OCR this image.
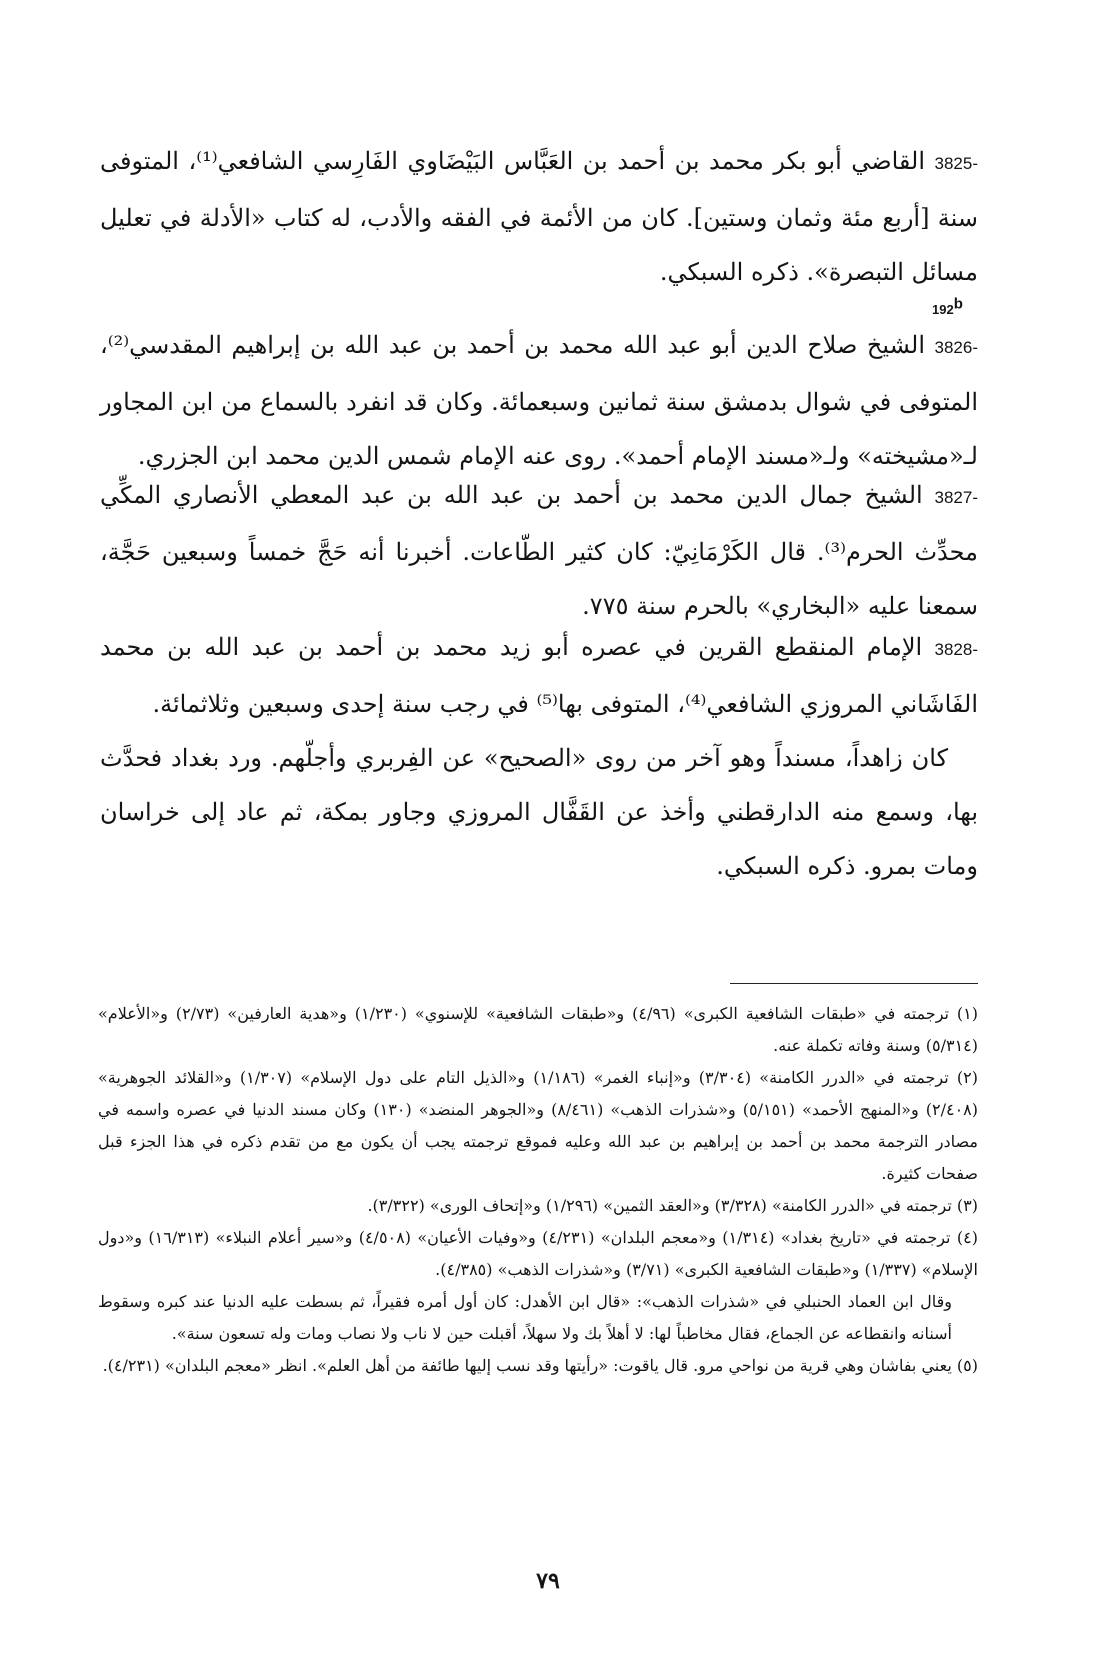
3825- القاضي أبو بكر محمد بن أحمد بن العَبَّاس البَيْضَاوي الفَارِسي الشافعي⁽¹⁾، المتوفى سنة [أربع مئة وثمان وستين]. كان من الأئمة في الفقه والأدب، له كتاب «الأدلة في تعليل مسائل التبصرة». ذكره السبكي.
192b
3826- الشيخ صلاح الدين أبو عبد الله محمد بن أحمد بن عبد الله بن إبراهيم المقدسي⁽²⁾، المتوفى في شوال بدمشق سنة ثمانين وسبعمائة. وكان قد انفرد بالسماع من ابن المجاور لـ«مشيخته» ولـ«مسند الإمام أحمد». روى عنه الإمام شمس الدين محمد ابن الجزري.
3827- الشيخ جمال الدين محمد بن أحمد بن عبد الله بن عبد المعطي الأنصاري المكِّي محدِّث الحرم⁽³⁾. قال الكَرْمَانِيّ: كان كثير الطّاعات. أخبرنا أنه حَجَّ خمساً وسبعين حَجَّة، سمعنا عليه «البخاري» بالحرم سنة ٧٧٥.
3828- الإمام المنقطع القرين في عصره أبو زيد محمد بن أحمد بن عبد الله بن محمد الفَاشَاني المروزي الشافعي⁽⁴⁾، المتوفى بها⁽⁵⁾ في رجب سنة إحدى وسبعين وثلاثمائة.
كان زاهداً، مسنداً وهو آخر من روى «الصحيح» عن الفِربري وأجلّهم. ورد بغداد فحدَّث بها، وسمع منه الدارقطني وأخذ عن القَفَّال المروزي وجاور بمكة، ثم عاد إلى خراسان ومات بمرو. ذكره السبكي.
(١) ترجمته في «طبقات الشافعية الكبرى» (٤/٩٦) و«طبقات الشافعية» للإسنوي» (١/٢٣٠) و«هدية العارفين» (٢/٧٣) و«الأعلام» (٥/٣١٤) وسنة وفاته تكملة عنه.
(٢) ترجمته في «الدرر الكامنة» (٣/٣٠٤) و«إنباء الغمر» (١/١٨٦) و«الذيل التام على دول الإسلام» (١/٣٠٧) و«القلائد الجوهرية» (٢/٤٠٨) و«المنهج الأحمد» (٥/١٥١) و«شذرات الذهب» (٨/٤٦١) و«الجوهر المنضد» (١٣٠) وكان مسند الدنيا في عصره واسمه في مصادر الترجمة محمد بن أحمد بن إبراهيم بن عبد الله وعليه فموقع ترجمته يجب أن يكون مع من تقدم ذكره في هذا الجزء قبل صفحات كثيرة.
(٣) ترجمته في «الدرر الكامنة» (٣/٣٢٨) و«العقد الثمين» (١/٢٩٦) و«إتحاف الورى» (٣/٣٢٢).
(٤) ترجمته في «تاريخ بغداد» (١/٣١٤) و«معجم البلدان» (٤/٢٣١) و«وفيات الأعيان» (٤/٥٠٨) و«سير أعلام النبلاء» (١٦/٣١٣) و«دول الإسلام» (١/٣٣٧) و«طبقات الشافعية الكبرى» (٣/٧١) و«شذرات الذهب» (٤/٣٨٥).
وقال ابن العماد الحنبلي في «شذرات الذهب»: «قال ابن الأهدل: كان أول أمره فقيراً، ثم بسطت عليه الدنيا عند كبره وسقوط أسنانه وانقطاعه عن الجماع، فقال مخاطباً لها: لا أهلاً بك ولا سهلاً، أقبلت حين لا ناب ولا نصاب ومات وله تسعون سنة».
(٥) يعني بفاشان وهي قرية من نواحي مرو. قال ياقوت: «رأيتها وقد نسب إليها طائفة من أهل العلم». انظر «معجم البلدان» (٤/٢٣١).
٧٩
